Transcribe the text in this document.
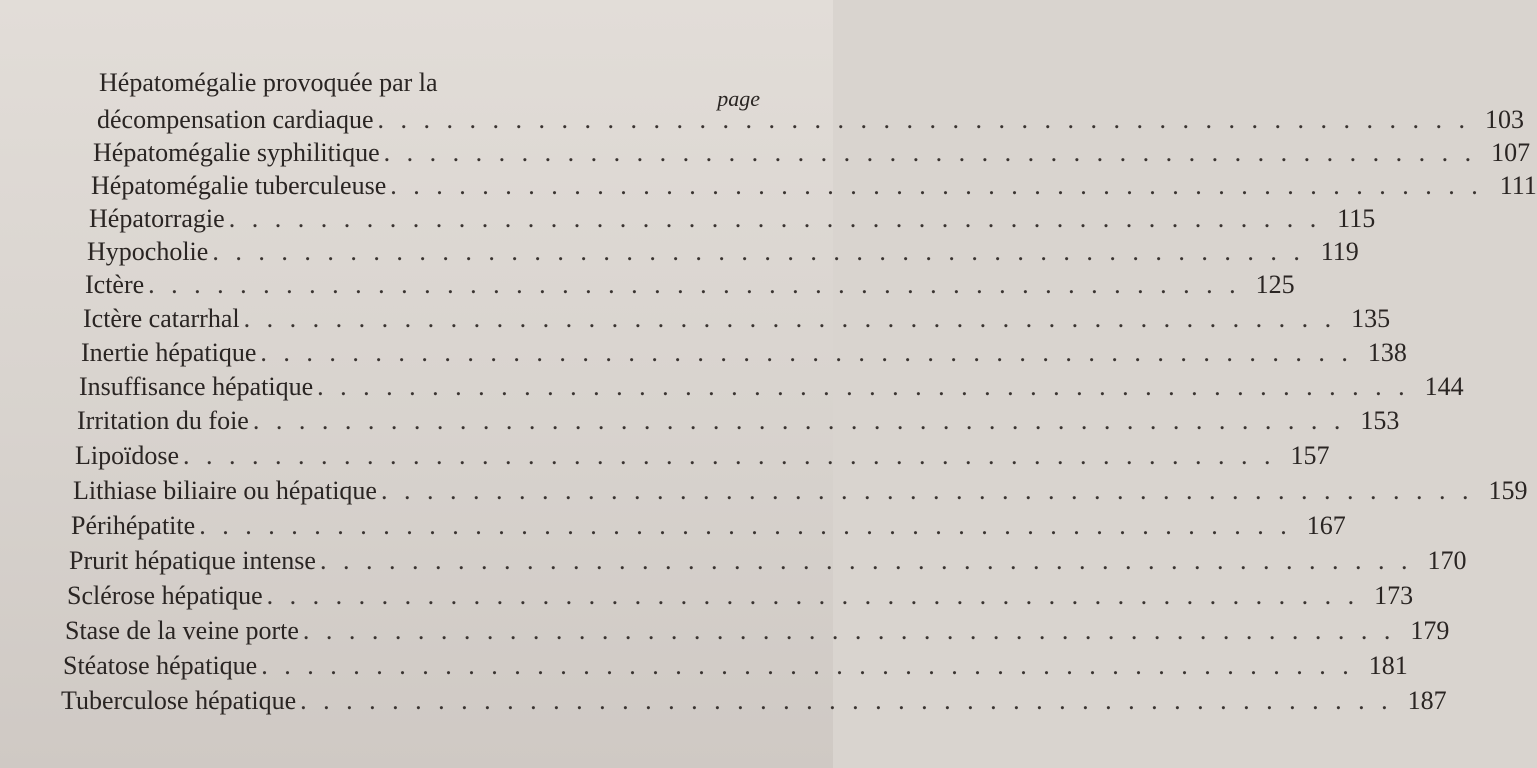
Hépatomégalie provoquée par la
page
décompensation cardiaque . . . . . . . . . . . . . . . . . . . . . . . . . . . . . . . . . . . . . . . . . . . . . . . . 103
Hépatomégalie syphilitique . . . . . . . . . . . . . . . . . . . . . . . . . . . . . . . . . . . . . . . . . . . . . . . . 107
Hépatomégalie tuberculeuse . . . . . . . . . . . . . . . . . . . . . . . . . . . . . . . . . . . . . . . . . . . . . . . . 111
Hépatorragie . . . . . . . . . . . . . . . . . . . . . . . . . . . . . . . . . . . . . . . . . . . . . . . . 115
Hypocholie . . . . . . . . . . . . . . . . . . . . . . . . . . . . . . . . . . . . . . . . . . . . . . . . 119
Ictère . . . . . . . . . . . . . . . . . . . . . . . . . . . . . . . . . . . . . . . . . . . . . . . . 125
Ictère catarrhal . . . . . . . . . . . . . . . . . . . . . . . . . . . . . . . . . . . . . . . . . . . . . . . . 135
Inertie hépatique . . . . . . . . . . . . . . . . . . . . . . . . . . . . . . . . . . . . . . . . . . . . . . . . 138
Insuffisance hépatique . . . . . . . . . . . . . . . . . . . . . . . . . . . . . . . . . . . . . . . . . . . . . . . . 144
Irritation du foie . . . . . . . . . . . . . . . . . . . . . . . . . . . . . . . . . . . . . . . . . . . . . . . . 153
Lipoïdose . . . . . . . . . . . . . . . . . . . . . . . . . . . . . . . . . . . . . . . . . . . . . . . . 157
Lithiase biliaire ou hépatique . . . . . . . . . . . . . . . . . . . . . . . . . . . . . . . . . . . . . . . . . . . . . . . . 159
Périhépatite . . . . . . . . . . . . . . . . . . . . . . . . . . . . . . . . . . . . . . . . . . . . . . . . 167
Prurit hépatique intense . . . . . . . . . . . . . . . . . . . . . . . . . . . . . . . . . . . . . . . . . . . . . . . . 170
Sclérose hépatique . . . . . . . . . . . . . . . . . . . . . . . . . . . . . . . . . . . . . . . . . . . . . . . . 173
Stase de la veine porte . . . . . . . . . . . . . . . . . . . . . . . . . . . . . . . . . . . . . . . . . . . . . . . . 179
Stéatose hépatique . . . . . . . . . . . . . . . . . . . . . . . . . . . . . . . . . . . . . . . . . . . . . . . . 181
Tuberculose hépatique . . . . . . . . . . . . . . . . . . . . . . . . . . . . . . . . . . . . . . . . . . . . . . . . 187
